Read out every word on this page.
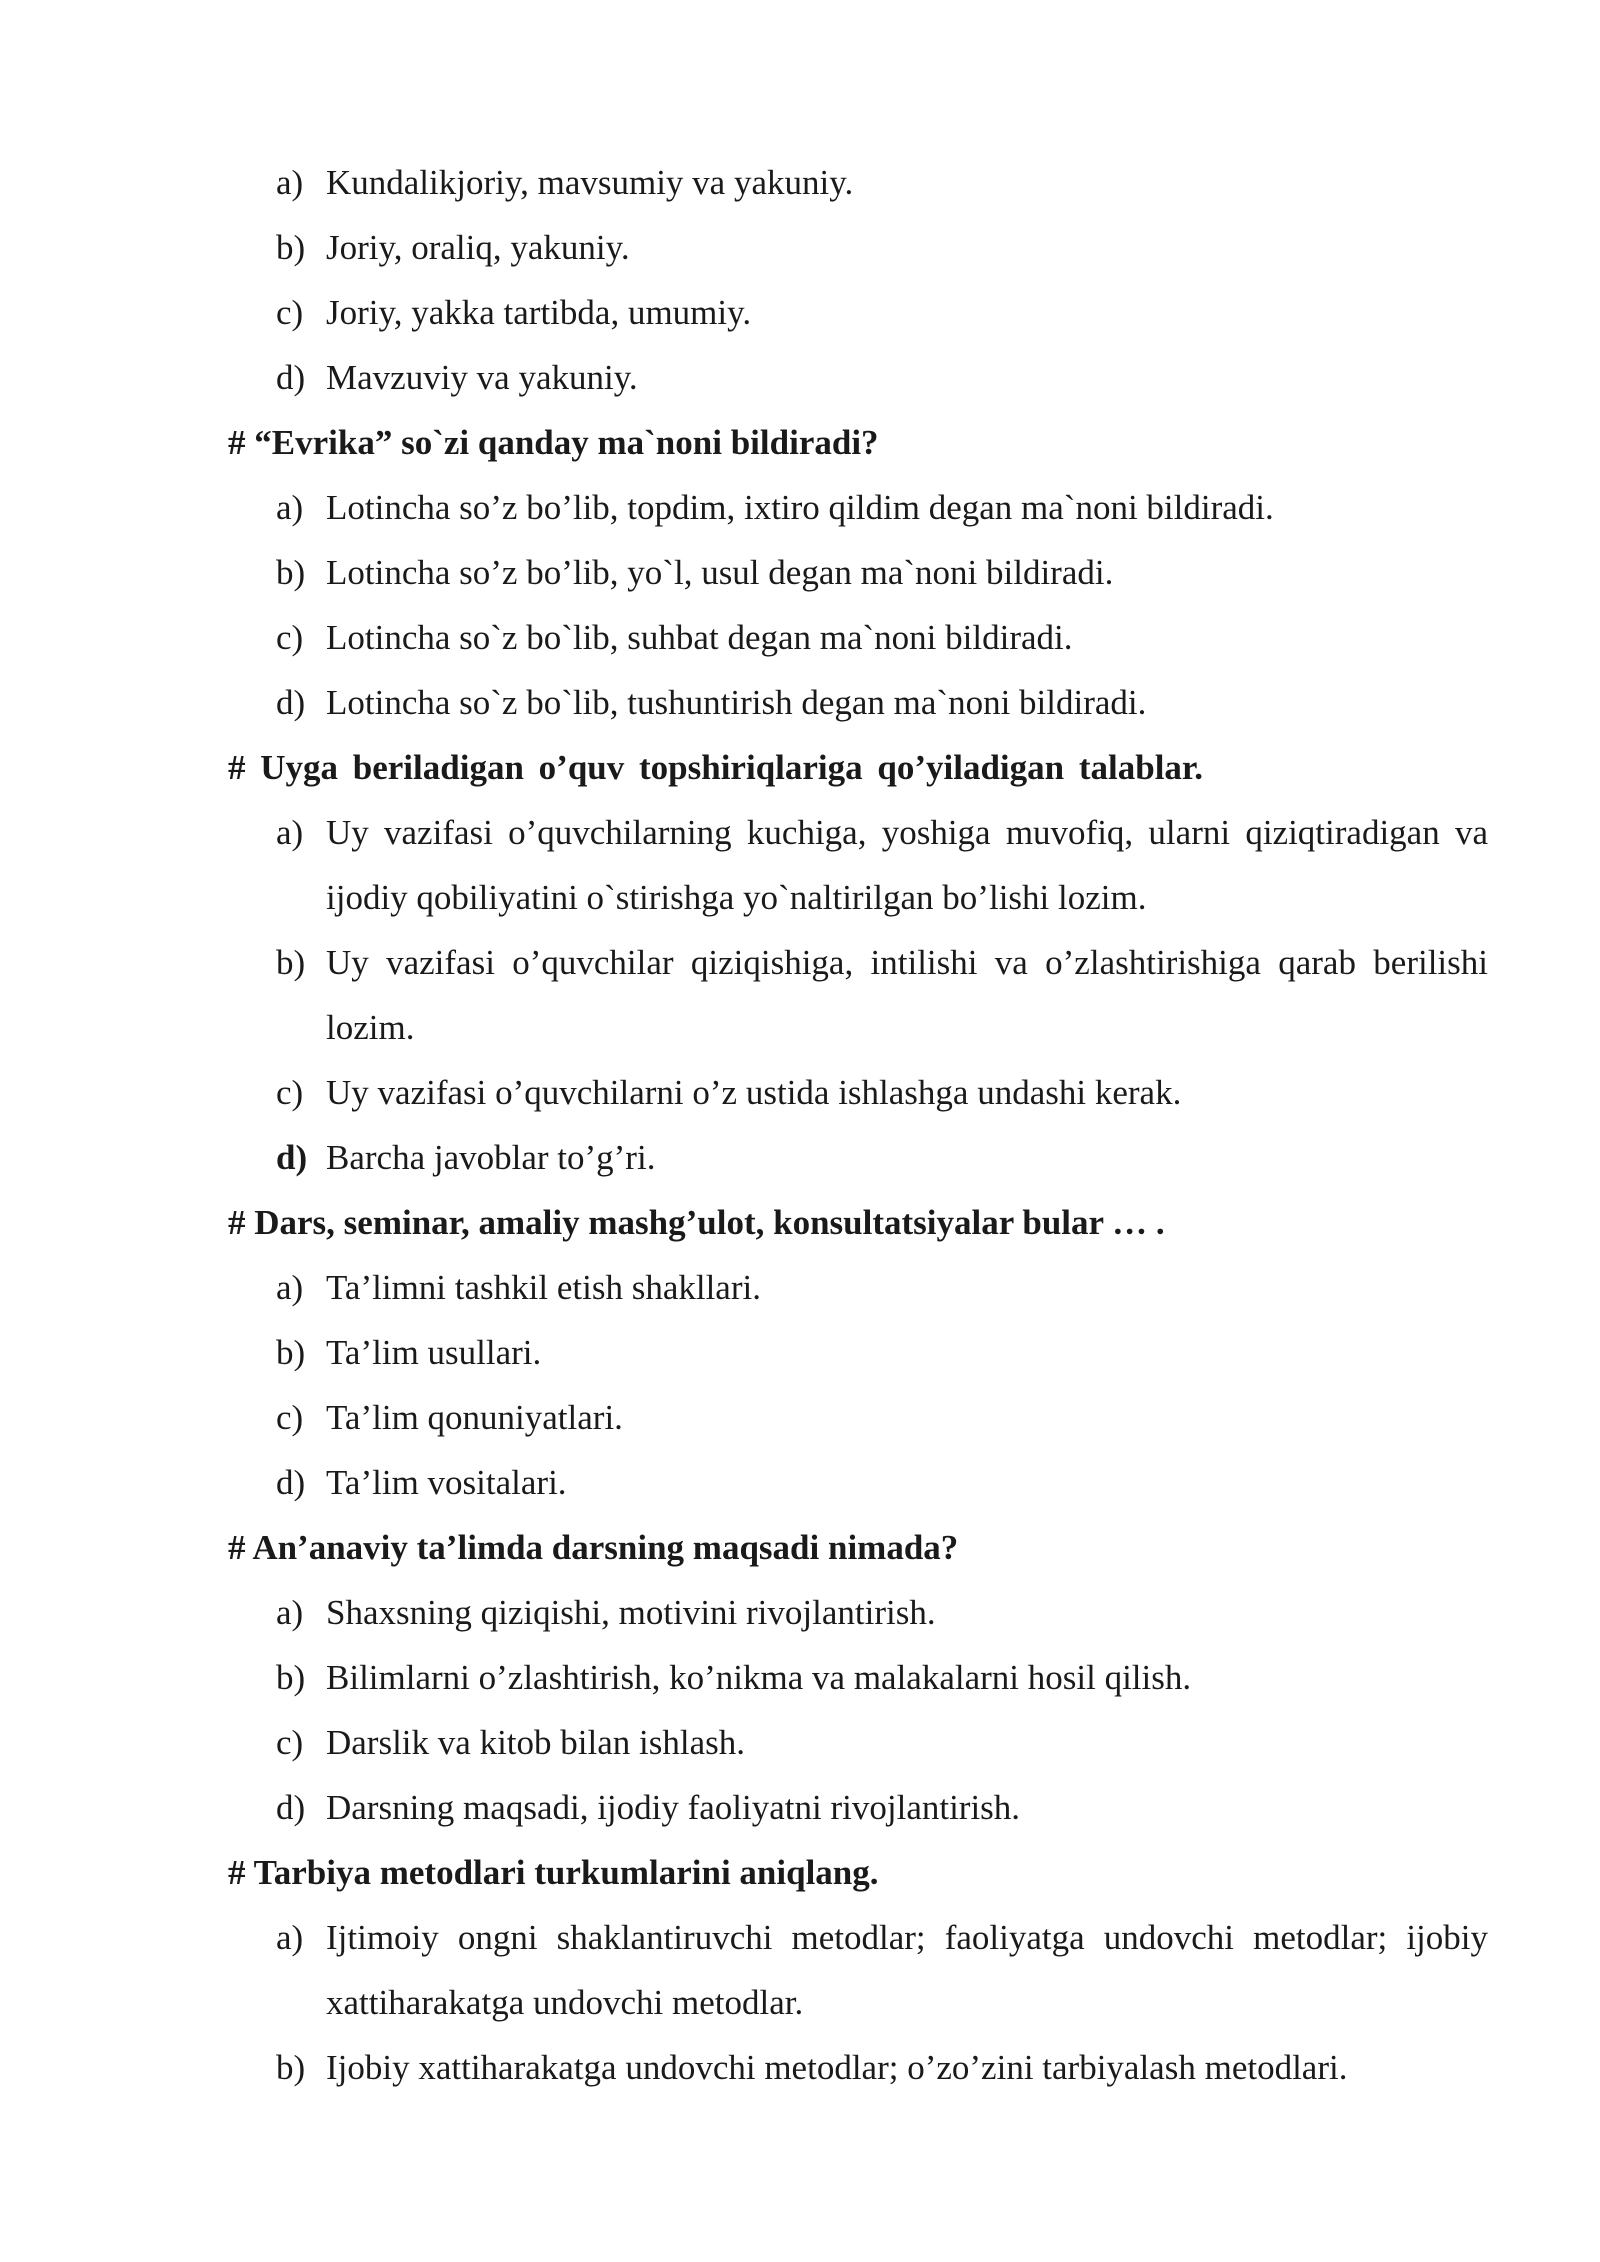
a) Kundalikjoriy, mavsumiy va yakuniy.
b) Joriy, oraliq, yakuniy.
c) Joriy, yakka tartibda, umumiy.
d) Mavzuviy va yakuniy.
# “Evrika” so`zi qanday ma`noni bildiradi?
a) Lotincha so’z bo’lib, topdim, ixtiro qildim degan ma`noni bildiradi.
b) Lotincha so’z bo’lib, yo`l, usul degan ma`noni bildiradi.
c) Lotincha so`z bo`lib, suhbat degan ma`noni bildiradi.
d) Lotincha so`z bo`lib, tushuntirish degan ma`noni bildiradi.
# Uyga beriladigan o’quv topshiriqlariga qo’yiladigan talablar.
a) Uy vazifasi o’quvchilarning kuchiga, yoshiga muvofiq, ularni qiziqtiradigan va ijodiy qobiliyatini o`stirishga yo`naltirilgan bo’lishi lozim.
b) Uy vazifasi o’quvchilar qiziqishiga, intilishi va o’zlashtirishiga qarab berilishi lozim.
c) Uy vazifasi o’quvchilarni o’z ustida ishlashga undashi kerak.
d) Barcha javoblar to’g’ri.
# Dars, seminar, amaliy mashg’ulot, konsultatsiyalar bular … .
a) Ta’limni tashkil etish shakllari.
b) Ta’lim usullari.
c) Ta’lim qonuniyatlari.
d) Ta’lim vositalari.
# An’anaviy ta’limda darsning maqsadi nimada?
a) Shaxsning qiziqishi, motivini rivojlantirish.
b) Bilimlarni o’zlashtirish, ko’nikma va malakalarni hosil qilish.
c) Darslik va kitob bilan ishlash.
d) Darsning maqsadi, ijodiy faoliyatni rivojlantirish.
# Tarbiya metodlari turkumlarini aniqlang.
a) Ijtimoiy ongni shaklantiruvchi metodlar; faoliyatga undovchi metodlar; ijobiy xattiharakatga undovchi metodlar.
b) Ijobiy xattiharakatga undovchi metodlar; o’zo’zini tarbiyalash metodlari.
